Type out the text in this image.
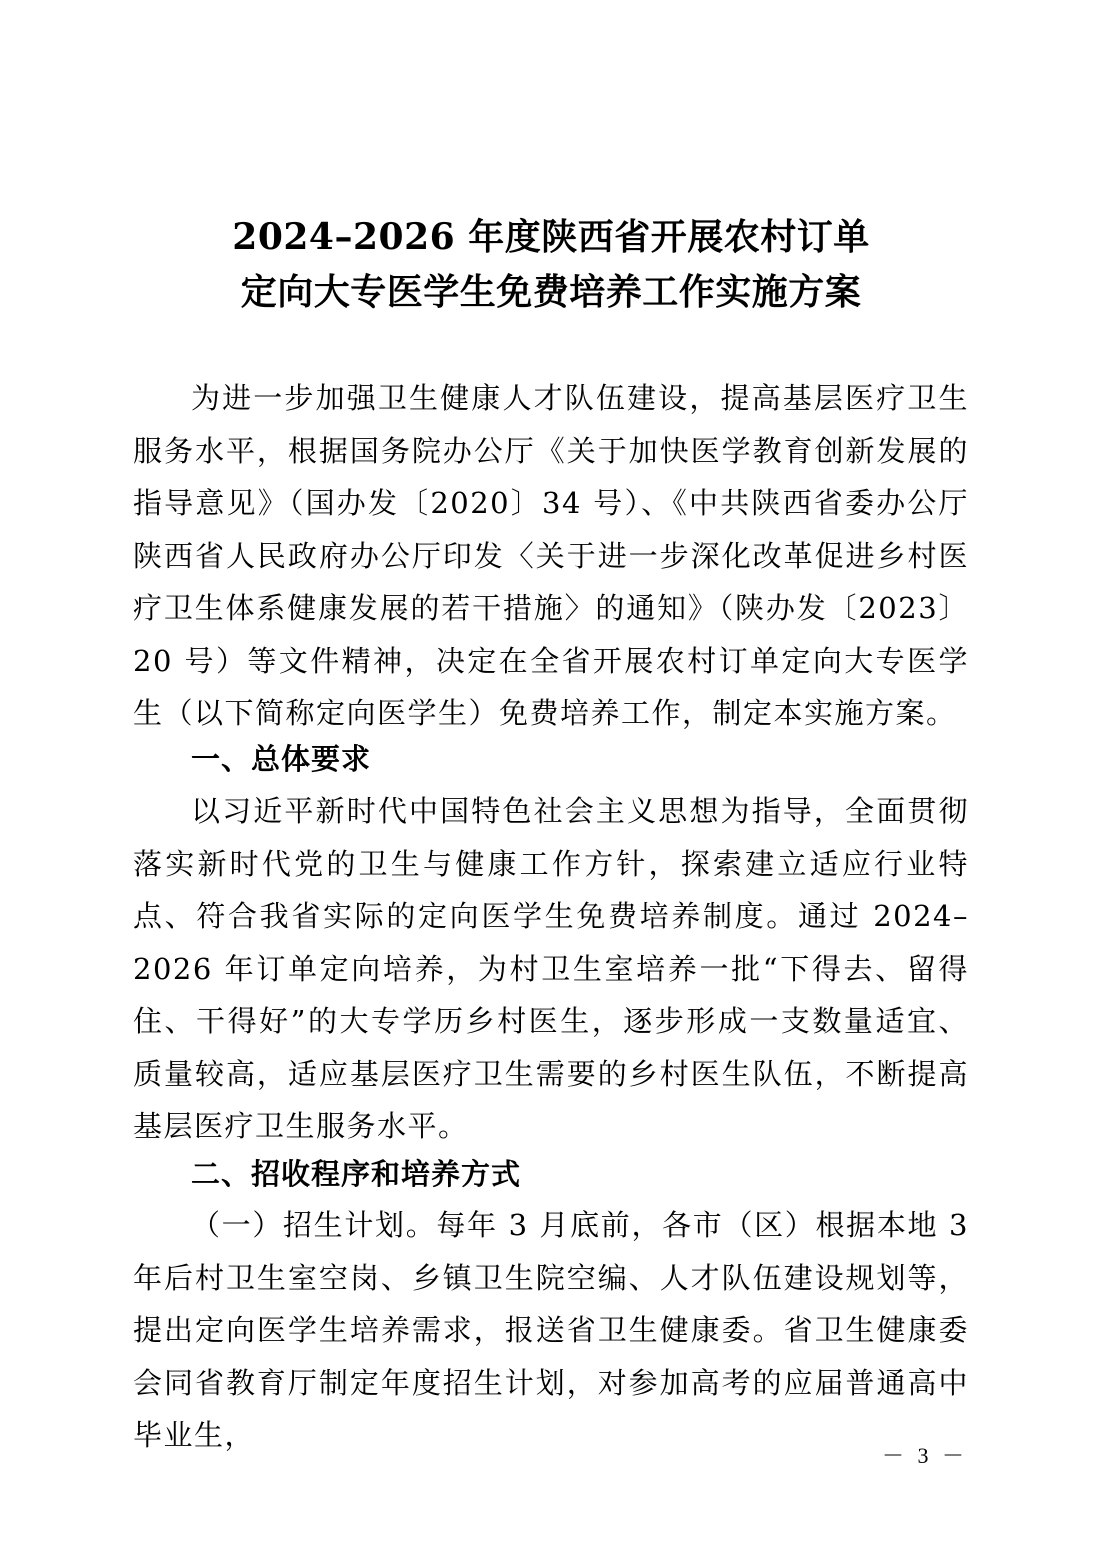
2024–2026 年度陕西省开展农村订单
定向大专医学生免费培养工作实施方案
为进一步加强卫生健康人才队伍建设，提高基层医疗卫生服务水平，根据国务院办公厅《关于加快医学教育创新发展的指导意见》（国办发〔2020〕34 号）、《中共陕西省委办公厅陕西省人民政府办公厅印发〈关于进一步深化改革促进乡村医疗卫生体系健康发展的若干措施〉的通知》（陕办发〔2023〕20 号）等文件精神，决定在全省开展农村订单定向大专医学生（以下简称定向医学生）免费培养工作，制定本实施方案。
一、总体要求
以习近平新时代中国特色社会主义思想为指导，全面贯彻落实新时代党的卫生与健康工作方针，探索建立适应行业特点、符合我省实际的定向医学生免费培养制度。通过 2024–2026 年订单定向培养，为村卫生室培养一批“下得去、留得住、干得好”的大专学历乡村医生，逐步形成一支数量适宜、质量较高，适应基层医疗卫生需要的乡村医生队伍，不断提高基层医疗卫生服务水平。
二、招收程序和培养方式
（一）招生计划。每年 3 月底前，各市（区）根据本地 3 年后村卫生室空岗、乡镇卫生院空编、人才队伍建设规划等，提出定向医学生培养需求，报送省卫生健康委。省卫生健康委会同省教育厅制定年度招生计划，对参加高考的应届普通高中毕业生，
－ 3 －
